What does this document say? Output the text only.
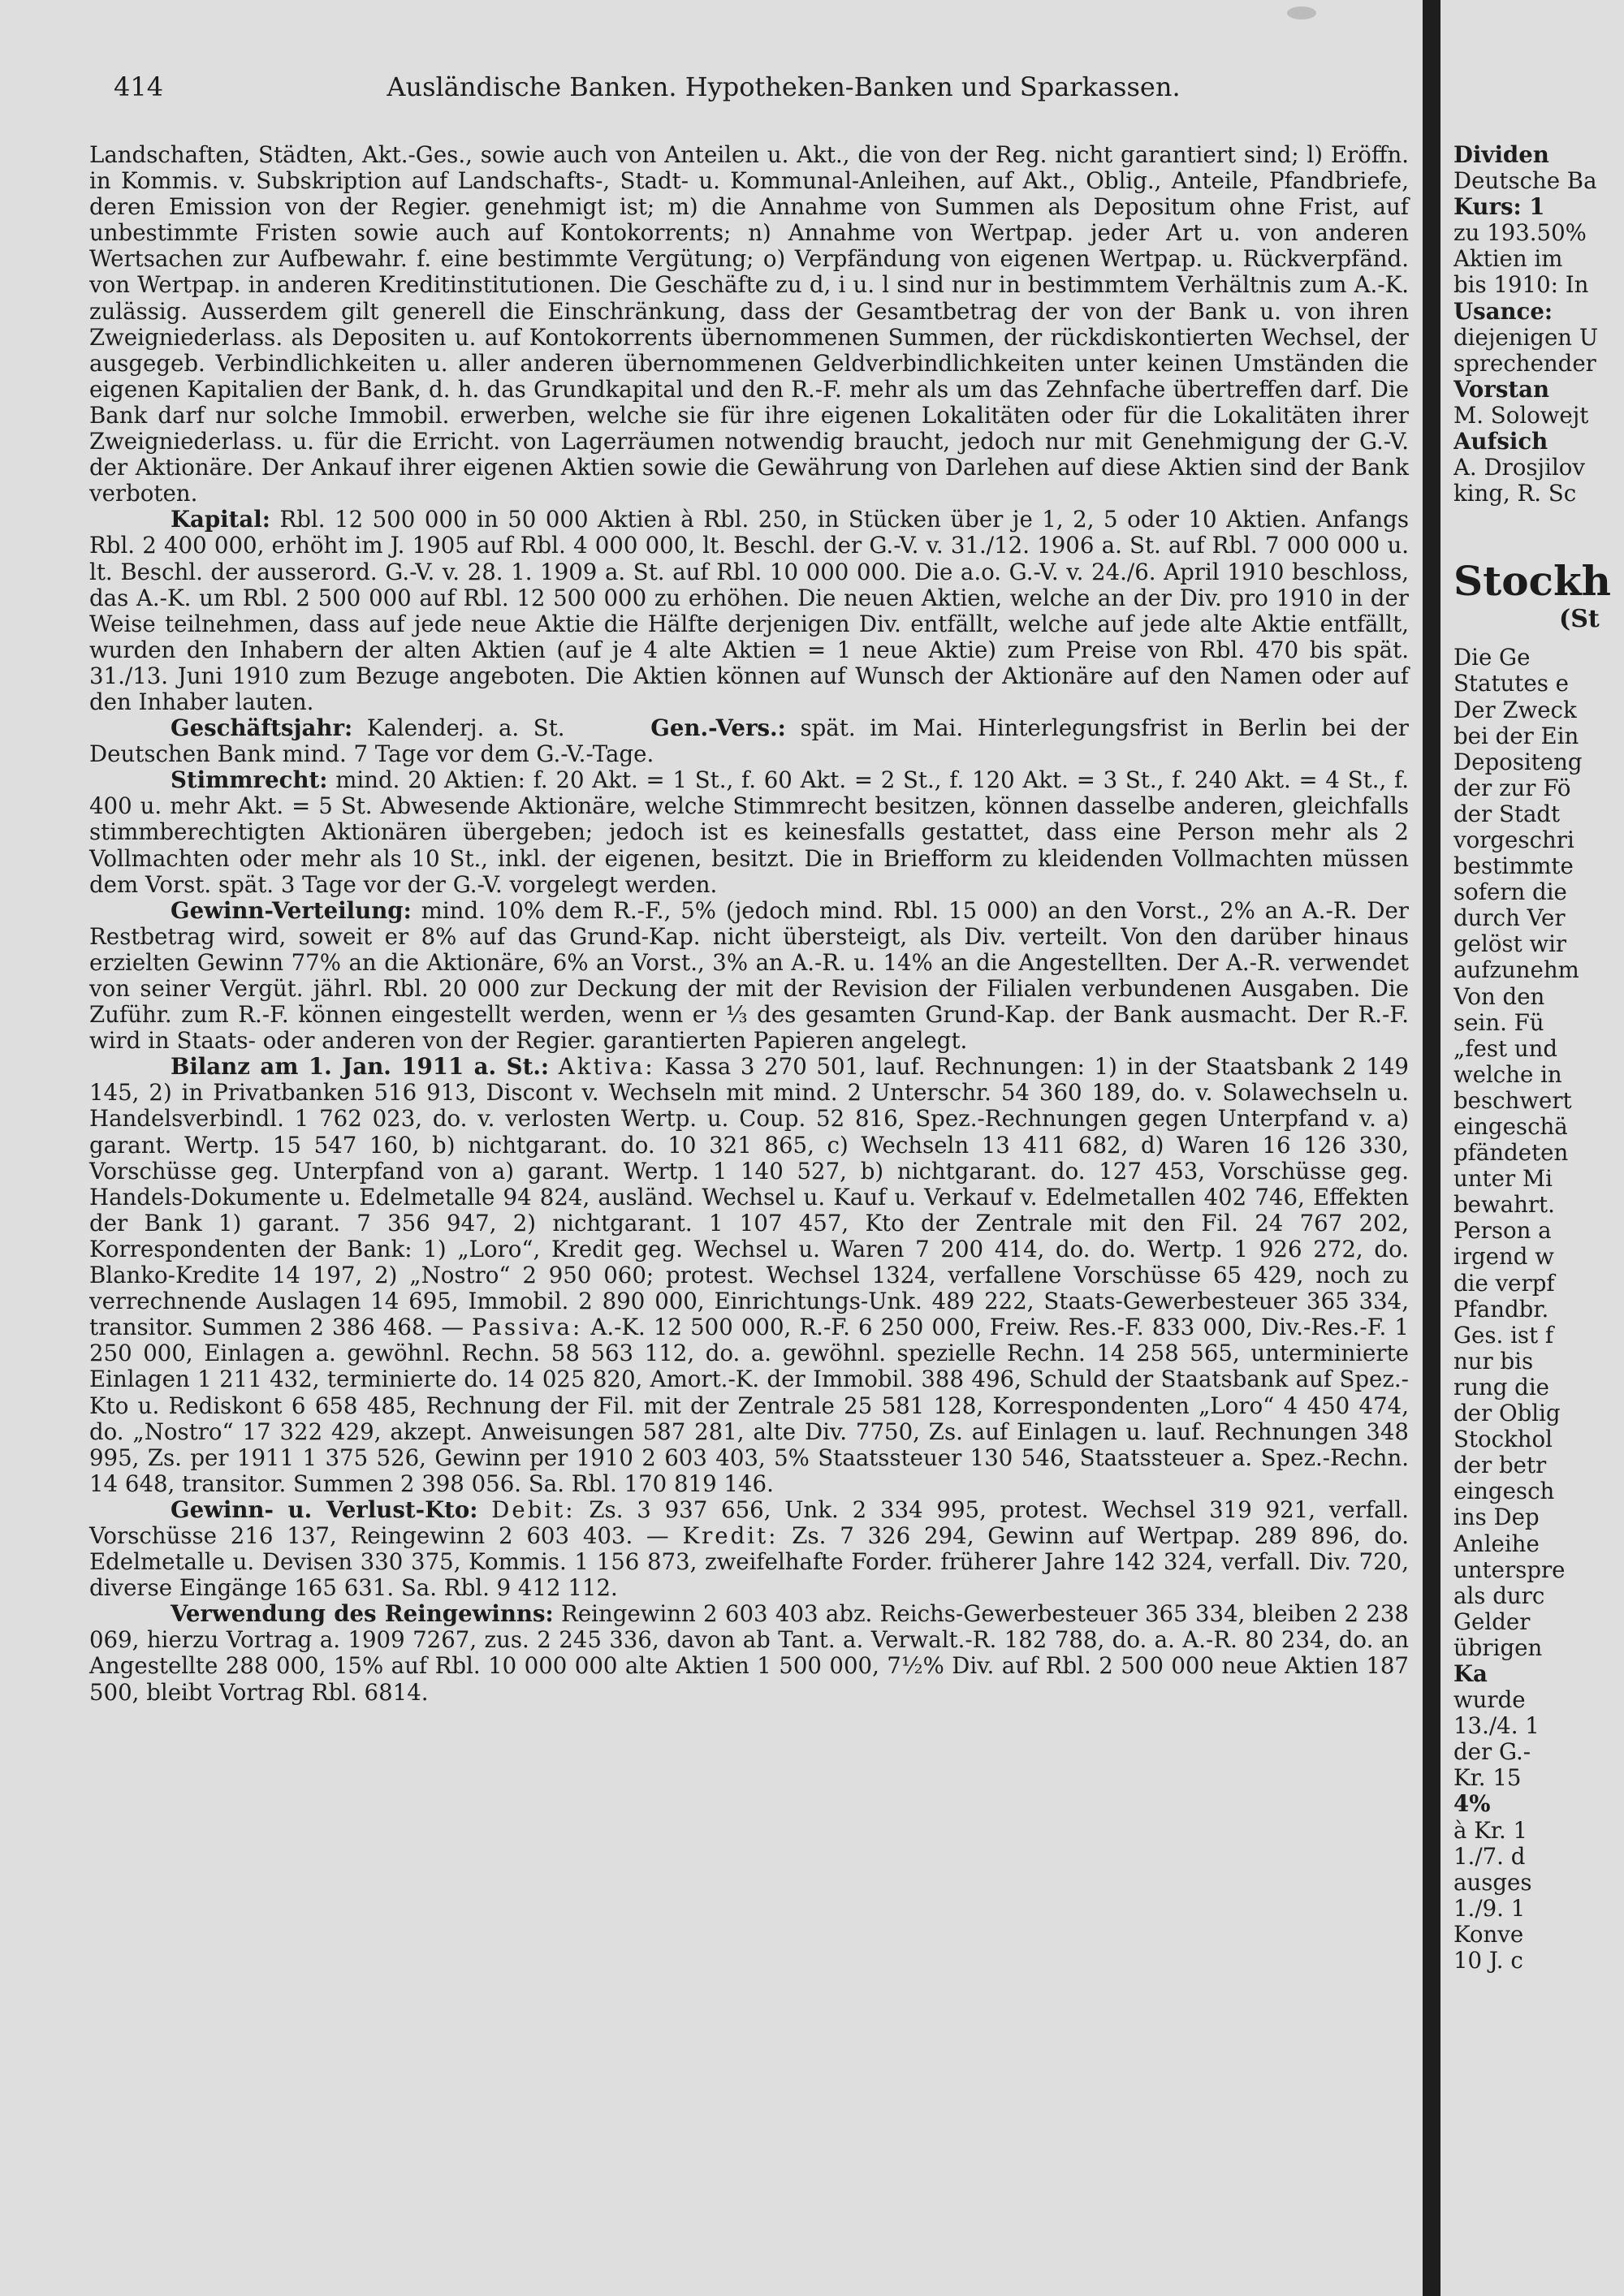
414	Ausländische Banken. Hypotheken-Banken und Sparkassen.

Landschaften, Städten, Akt.-Ges., sowie auch von Anteilen u. Akt., die von der Reg. nicht garantiert sind; l) Eröffn. in Kommis. v. Subskription auf Landschafts-, Stadt- u. Kommunal-Anleihen, auf Akt., Oblig., Anteile, Pfandbriefe, deren Emission von der Regier. genehmigt ist; m) die Annahme von Summen als Depositum ohne Frist, auf unbestimmte Fristen sowie auch auf Kontokorrents; n) Annahme von Wertpap. jeder Art u. von anderen Wertsachen zur Aufbewahr. f. eine bestimmte Vergütung; o) Verpfändung von eigenen Wertpap. u. Rückverpfänd. von Wertpap. in anderen Kreditinstitutionen. Die Geschäfte zu d, i u. l sind nur in bestimmtem Verhältnis zum A.-K. zulässig. Ausserdem gilt generell die Einschränkung, dass der Gesamtbetrag der von der Bank u. von ihren Zweigniederlass. als Depositen u. auf Kontokorrents übernommenen Summen, der rückdiskontierten Wechsel, der ausgegeb. Verbindlichkeiten u. aller anderen übernommenen Geldverbindlichkeiten unter keinen Umständen die eigenen Kapitalien der Bank, d. h. das Grundkapital und den R.-F. mehr als um das Zehnfache übertreffen darf. Die Bank darf nur solche Immobil. erwerben, welche sie für ihre eigenen Lokalitäten oder für die Lokalitäten ihrer Zweigniederlass. u. für die Erricht. von Lagerräumen notwendig braucht, jedoch nur mit Genehmigung der G.-V. der Aktionäre. Der Ankauf ihrer eigenen Aktien sowie die Gewährung von Darlehen auf diese Aktien sind der Bank verboten.

Kapital: Rbl. 12 500 000 in 50 000 Aktien à Rbl. 250, in Stücken über je 1, 2, 5 oder 10 Aktien. Anfangs Rbl. 2 400 000, erhöht im J. 1905 auf Rbl. 4 000 000, lt. Beschl. der G.-V. v. 31./12. 1906 a. St. auf Rbl. 7 000 000 u. lt. Beschl. der ausserord. G.-V. v. 28. 1. 1909 a. St. auf Rbl. 10 000 000. Die a.o. G.-V. v. 24./6. April 1910 beschloss, das A.-K. um Rbl. 2 500 000 auf Rbl. 12 500 000 zu erhöhen. Die neuen Aktien, welche an der Div. pro 1910 in der Weise teilnehmen, dass auf jede neue Aktie die Hälfte derjenigen Div. entfällt, welche auf jede alte Aktie entfällt, wurden den Inhabern der alten Aktien (auf je 4 alte Aktien = 1 neue Aktie) zum Preise von Rbl. 470 bis spät. 31./13. Juni 1910 zum Bezuge angeboten. Die Aktien können auf Wunsch der Aktionäre auf den Namen oder auf den Inhaber lauten.

Geschäftsjahr: Kalenderj. a. St.	Gen.-Vers.: spät. im Mai. Hinterlegungsfrist in Berlin bei der Deutschen Bank mind. 7 Tage vor dem G.-V.-Tage.

Stimmrecht: mind. 20 Aktien: f. 20 Akt. = 1 St., f. 60 Akt. = 2 St., f. 120 Akt. = 3 St., f. 240 Akt. = 4 St., f. 400 u. mehr Akt. = 5 St. Abwesende Aktionäre, welche Stimmrecht besitzen, können dasselbe anderen, gleichfalls stimmberechtigten Aktionären übergeben; jedoch ist es keinesfalls gestattet, dass eine Person mehr als 2 Vollmachten oder mehr als 10 St., inkl. der eigenen, besitzt. Die in Briefform zu kleidenden Vollmachten müssen dem Vorst. spät. 3 Tage vor der G.-V. vorgelegt werden.

Gewinn-Verteilung: mind. 10% dem R.-F., 5% (jedoch mind. Rbl. 15 000) an den Vorst., 2% an A.-R. Der Restbetrag wird, soweit er 8% auf das Grund-Kap. nicht übersteigt, als Div. verteilt. Von den darüber hinaus erzielten Gewinn 77% an die Aktionäre, 6% an Vorst., 3% an A.-R. u. 14% an die Angestellten. Der A.-R. verwendet von seiner Vergüt. jährl. Rbl. 20 000 zur Deckung der mit der Revision der Filialen verbundenen Ausgaben. Die Zuführ. zum R.-F. können eingestellt werden, wenn er ⅓ des gesamten Grund-Kap. der Bank ausmacht. Der R.-F. wird in Staats- oder anderen von der Regier. garantierten Papieren angelegt.

Bilanz am 1. Jan. 1911 a. St.: Aktiva: Kassa 3 270 501, lauf. Rechnungen: 1) in der Staatsbank 2 149 145, 2) in Privatbanken 516 913, Discont v. Wechseln mit mind. 2 Unterschr. 54 360 189, do. v. Solawechseln u. Handelsverbindl. 1 762 023, do. v. verlosten Wertp. u. Coup. 52 816, Spez.-Rechnungen gegen Unterpfand v. a) garant. Wertp. 15 547 160, b) nichtgarant. do. 10 321 865, c) Wechseln 13 411 682, d) Waren 16 126 330, Vorschüsse geg. Unterpfand von a) garant. Wertp. 1 140 527, b) nichtgarant. do. 127 453, Vorschüsse geg. Handels-Dokumente u. Edelmetalle 94 824, ausländ. Wechsel u. Kauf u. Verkauf v. Edelmetallen 402 746, Effekten der Bank 1) garant. 7 356 947, 2) nichtgarant. 1 107 457, Kto der Zentrale mit den Fil. 24 767 202, Korrespondenten der Bank: 1) „Loro“, Kredit geg. Wechsel u. Waren 7 200 414, do. do. Wertp. 1 926 272, do. Blanko-Kredite 14 197, 2) „Nostro“ 2 950 060; protest. Wechsel 1324, verfallene Vorschüsse 65 429, noch zu verrechnende Auslagen 14 695, Immobil. 2 890 000, Einrichtungs-Unk. 489 222, Staats-Gewerbesteuer 365 334, transitor. Summen 2 386 468. — Passiva: A.-K. 12 500 000, R.-F. 6 250 000, Freiw. Res.-F. 833 000, Div.-Res.-F. 1 250 000, Einlagen a. gewöhnl. Rechn. 58 563 112, do. a. gewöhnl. spezielle Rechn. 14 258 565, unterminierte Einlagen 1 211 432, terminierte do. 14 025 820, Amort.-K. der Immobil. 388 496, Schuld der Staatsbank auf Spez.-Kto u. Rediskont 6 658 485, Rechnung der Fil. mit der Zentrale 25 581 128, Korrespondenten „Loro“ 4 450 474, do. „Nostro“ 17 322 429, akzept. Anweisungen 587 281, alte Div. 7750, Zs. auf Einlagen u. lauf. Rechnungen 348 995, Zs. per 1911 1 375 526, Gewinn per 1910 2 603 403, 5% Staatssteuer 130 546, Staatssteuer a. Spez.-Rechn. 14 648, transitor. Summen 2 398 056. Sa. Rbl. 170 819 146.

Gewinn- u. Verlust-Kto: Debit: Zs. 3 937 656, Unk. 2 334 995, protest. Wechsel 319 921, verfall. Vorschüsse 216 137, Reingewinn 2 603 403. — Kredit: Zs. 7 326 294, Gewinn auf Wertpap. 289 896, do. Edelmetalle u. Devisen 330 375, Kommis. 1 156 873, zweifelhafte Forder. früherer Jahre 142 324, verfall. Div. 720, diverse Eingänge 165 631. Sa. Rbl. 9 412 112.

Verwendung des Reingewinns: Reingewinn 2 603 403 abz. Reichs-Gewerbesteuer 365 334, bleiben 2 238 069, hierzu Vortrag a. 1909 7267, zus. 2 245 336, davon ab Tant. a. Verwalt.-R. 182 788, do. a. A.-R. 80 234, do. an Angestellte 288 000, 15% auf Rbl. 10 000 000 alte Aktien 1 500 000, 7½% Div. auf Rbl. 2 500 000 neue Aktien 187 500, bleibt Vortrag Rbl. 6814.

Dividen
Deutsche Ba
Kurs: 1
zu 193.50%
Aktien im
bis 1910: In
Usance:
diejenigen U
sprechender
Vorstan
M. Solowejt
Aufsich
A. Drosjilov
king, R. Sc
Stockh
(St
Die Ge
Statutes e
Der Zweck
bei der Ein
Depositeng
der zur Fö
der Stadt
vorgeschri
bestimmte
sofern die
durch Ver
gelöst wir
aufzunehm
Von den
sein. Fü
„fest und
welche in
beschwert
eingeschä
pfändeten
unter Mi
bewahrt.
Person a
irgend w
die verpf
Pfandbr.
Ges. ist f
nur bis
rung die
der Oblig
Stockhol
der betr
eingesch
ins Dep
Anleihe
unterspre
als durc
Gelder
übrigen
Ka
wurde
13./4. 1
der G.-
Kr. 15
4%
à Kr. 1
1./7. d
ausges
1./9. 1
Konve
10 J. c
